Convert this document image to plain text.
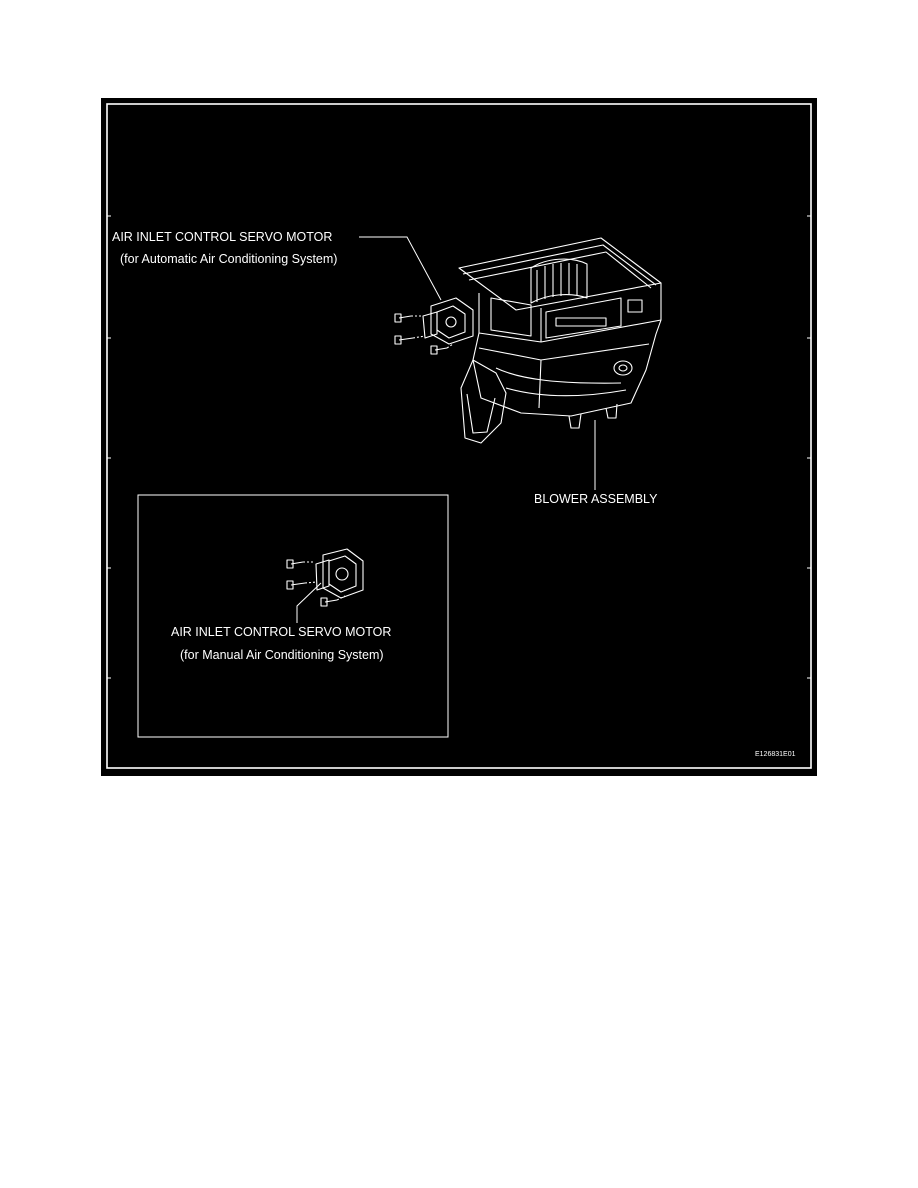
AIR INLET CONTROL SERVO MOTOR
(for Automatic Air Conditioning System)
BLOWER ASSEMBLY
AIR INLET CONTROL SERVO MOTOR
(for Manual Air Conditioning System)
E126831E01
